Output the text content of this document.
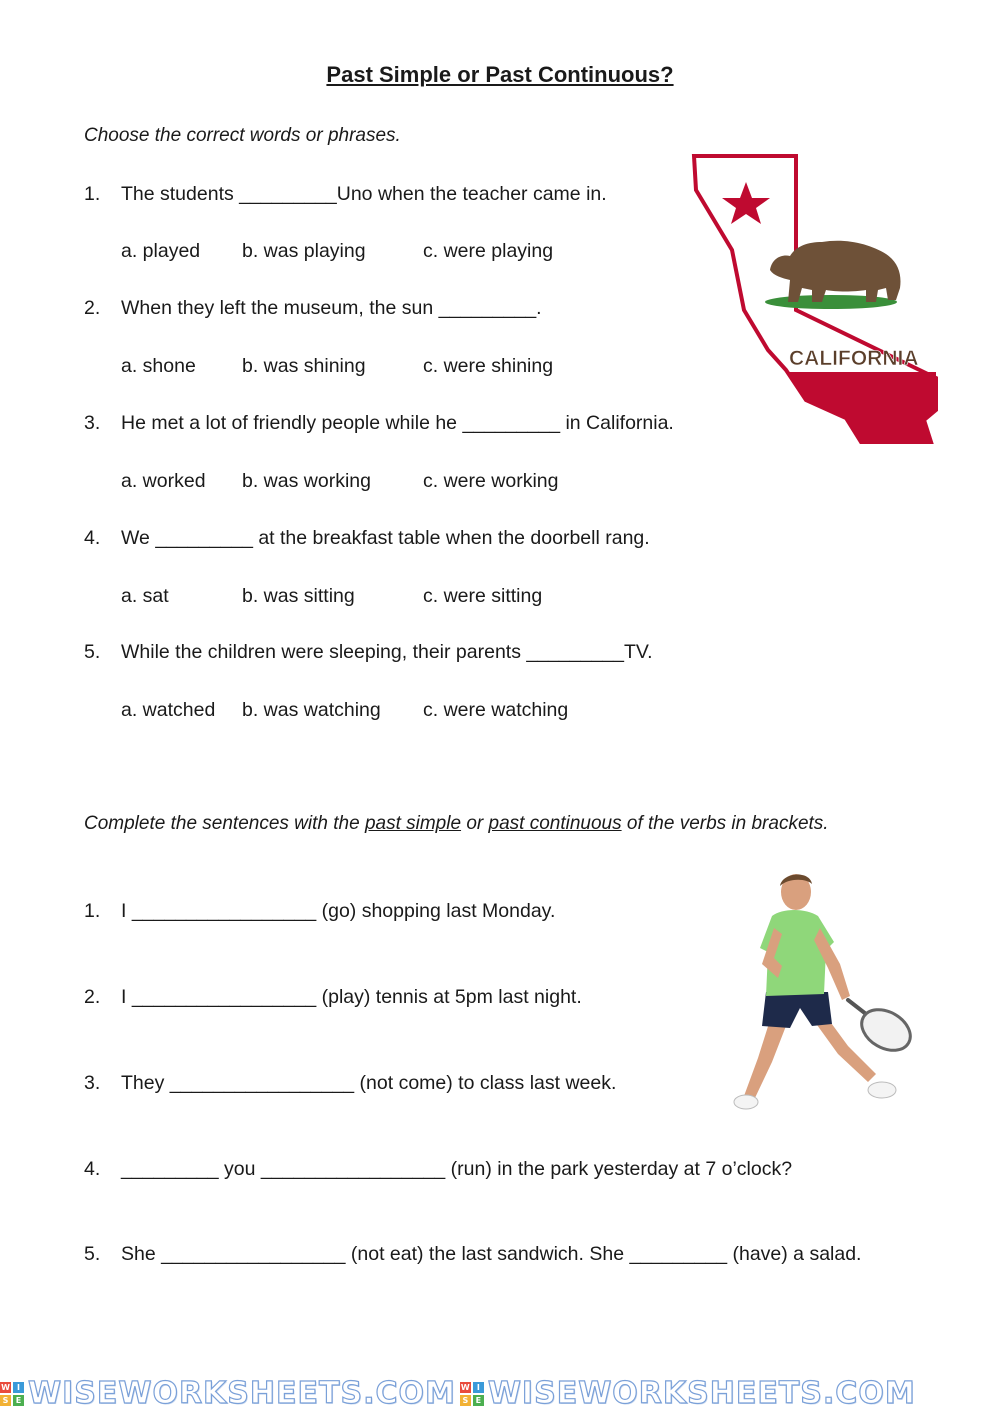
Past Simple or Past Continuous?
Choose the correct words or phrases.
1. The students _________Uno when the teacher came in.
a. played b. was playing	c. were playing
2. When they left the museum, the sun _________.
a. shone b. was shining	c. were shining
3. He met a lot of friendly people while he _________ in California.
a. worked b. was working	c. were working
4. We _________ at the breakfast table when the doorbell rang.
a. sat	b. was sitting	c. were sitting
5. While the children were sleeping, their parents _________TV.
a. watched b. was watching c. were watching
CALIFORNIA
Complete the sentences with the past simple or past continuous of the verbs in brackets.
1. I _________________ (go) shopping last Monday.
2. I _________________ (play) tennis at 5pm last night.
3. They _________________ (not come) to class last week.
4. _________ you _________________ (run) in the park yesterday at 7 o’clock?
5. She _________________ (not eat) the last sandwich. She _________ (have) a salad.
W I
S E WISEWORKSHEETS.COM W I
S E WISEWORKSHEETS.COM
